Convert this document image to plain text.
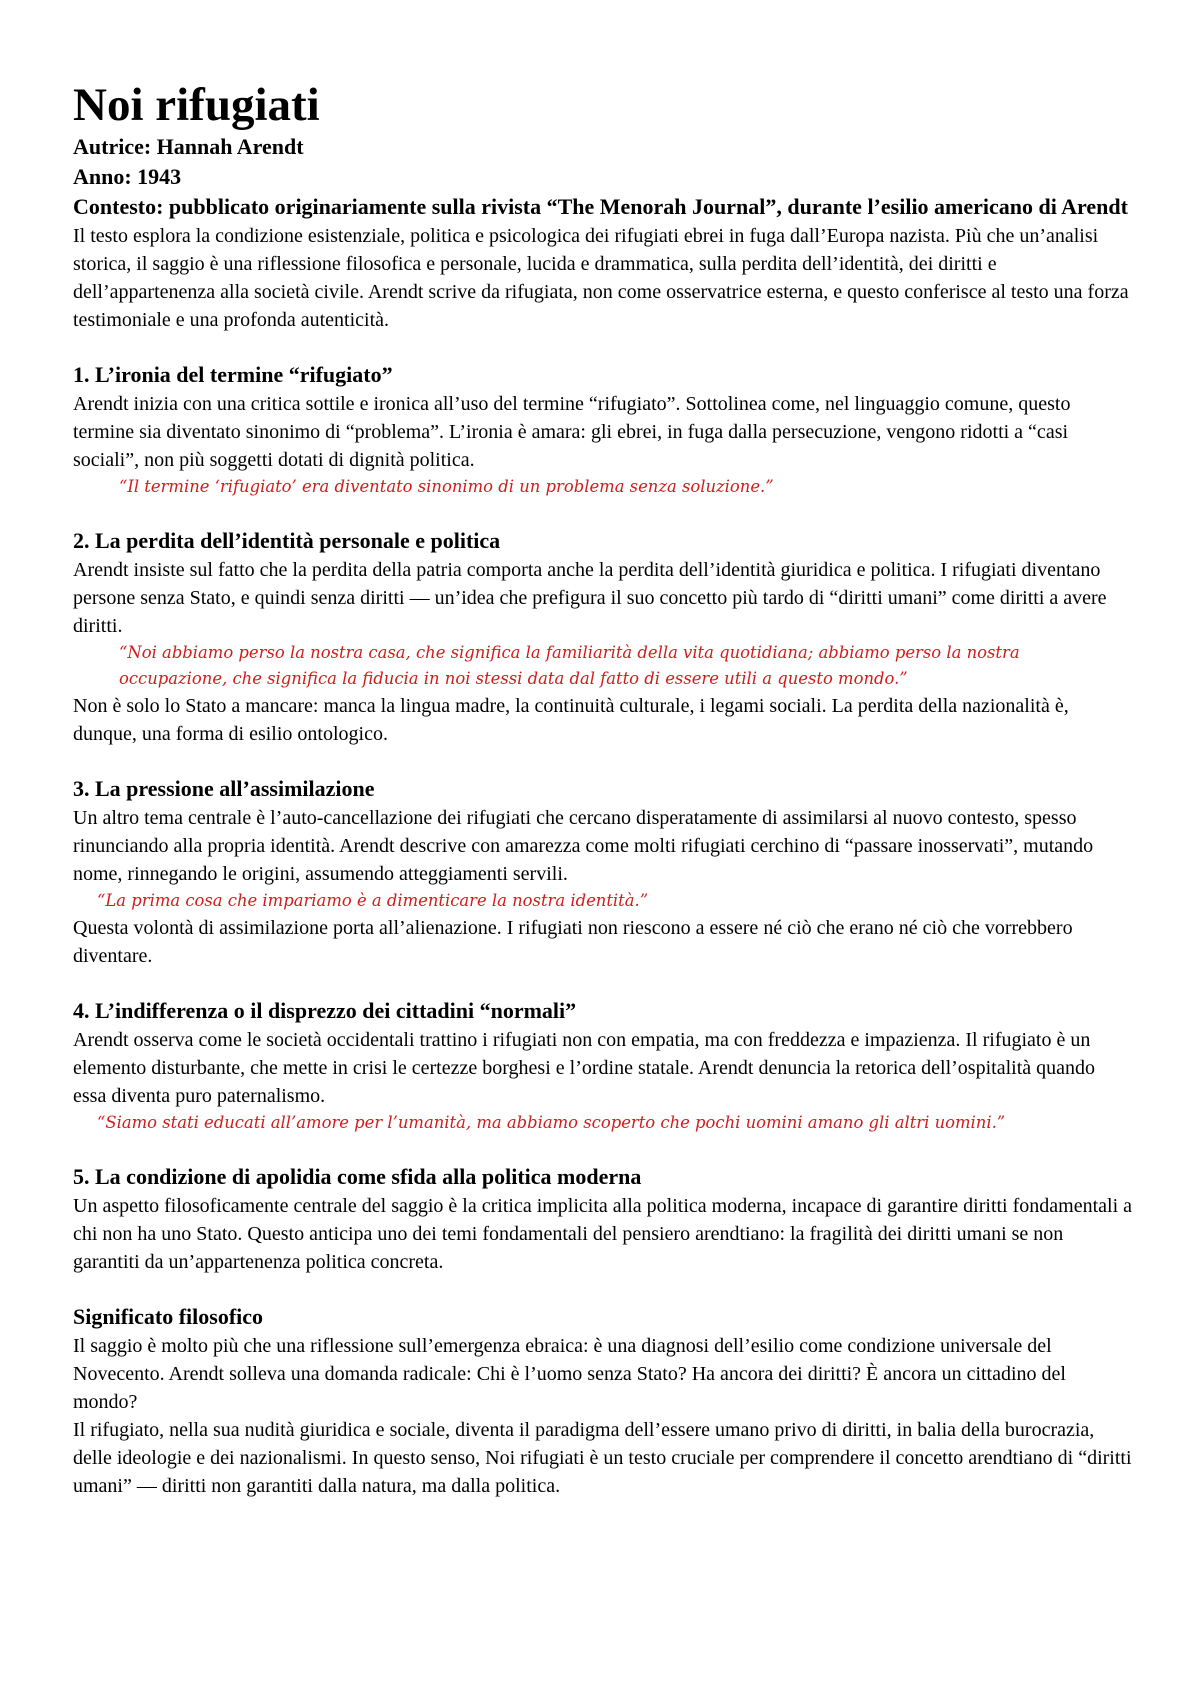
Noi rifugiati
Autrice: Hannah Arendt
Anno: 1943
Contesto: pubblicato originariamente sulla rivista “The Menorah Journal”, durante l’esilio americano di Arendt

Il testo esplora la condizione esistenziale, politica e psicologica dei rifugiati ebrei in fuga dall’Europa nazista. Più che un’analisi storica, il saggio è una riflessione filosofica e personale, lucida e drammatica, sulla perdita dell’identità, dei diritti e dell’appartenenza alla società civile. Arendt scrive da rifugiata, non come osservatrice esterna, e questo conferisce al testo una forza testimoniale e una profonda autenticità.

1. L’ironia del termine “rifugiato”

Arendt inizia con una critica sottile e ironica all’uso del termine “rifugiato”. Sottolinea come, nel linguaggio comune, questo termine sia diventato sinonimo di “problema”. L’ironia è amara: gli ebrei, in fuga dalla persecuzione, vengono ridotti a “casi sociali”, non più soggetti dotati di dignità politica.

“Il termine ‘rifugiato’ era diventato sinonimo di un problema senza soluzione.”

2. La perdita dell’identità personale e politica

Arendt insiste sul fatto che la perdita della patria comporta anche la perdita dell’identità giuridica e politica. I rifugiati diventano persone senza Stato, e quindi senza diritti — un’idea che prefigura il suo concetto più tardo di “diritti umani” come diritti a avere diritti.

“Noi abbiamo perso la nostra casa, che significa la familiarità della vita quotidiana; abbiamo perso la nostra occupazione, che significa la fiducia in noi stessi data dal fatto di essere utili a questo mondo.”

Non è solo lo Stato a mancare: manca la lingua madre, la continuità culturale, i legami sociali. La perdita della nazionalità è, dunque, una forma di esilio ontologico.

3. La pressione all’assimilazione

Un altro tema centrale è l’auto-cancellazione dei rifugiati che cercano disperatamente di assimilarsi al nuovo contesto, spesso rinunciando alla propria identità. Arendt descrive con amarezza come molti rifugiati cerchino di “passare inosservati”, mutando nome, rinnegando le origini, assumendo atteggiamenti servili.

“La prima cosa che impariamo è a dimenticare la nostra identità.”

Questa volontà di assimilazione porta all’alienazione. I rifugiati non riescono a essere né ciò che erano né ciò che vorrebbero diventare.

4. L’indifferenza o il disprezzo dei cittadini “normali”

Arendt osserva come le società occidentali trattino i rifugiati non con empatia, ma con freddezza e impazienza. Il rifugiato è un elemento disturbante, che mette in crisi le certezze borghesi e l’ordine statale. Arendt denuncia la retorica dell’ospitalità quando essa diventa puro paternalismo.

“Siamo stati educati all’amore per l’umanità, ma abbiamo scoperto che pochi uomini amano gli altri uomini.”

5. La condizione di apolidia come sfida alla politica moderna

Un aspetto filosoficamente centrale del saggio è la critica implicita alla politica moderna, incapace di garantire diritti fondamentali a chi non ha uno Stato. Questo anticipa uno dei temi fondamentali del pensiero arendtiano: la fragilità dei diritti umani se non garantiti da un’appartenenza politica concreta.

Significato filosofico

Il saggio è molto più che una riflessione sull’emergenza ebraica: è una diagnosi dell’esilio come condizione universale del Novecento. Arendt solleva una domanda radicale: Chi è l’uomo senza Stato? Ha ancora dei diritti? È ancora un cittadino del mondo?

Il rifugiato, nella sua nudità giuridica e sociale, diventa il paradigma dell’essere umano privo di diritti, in balia della burocrazia, delle ideologie e dei nazionalismi. In questo senso, Noi rifugiati è un testo cruciale per comprendere il concetto arendtiano di “diritti umani” — diritti non garantiti dalla natura, ma dalla politica.
